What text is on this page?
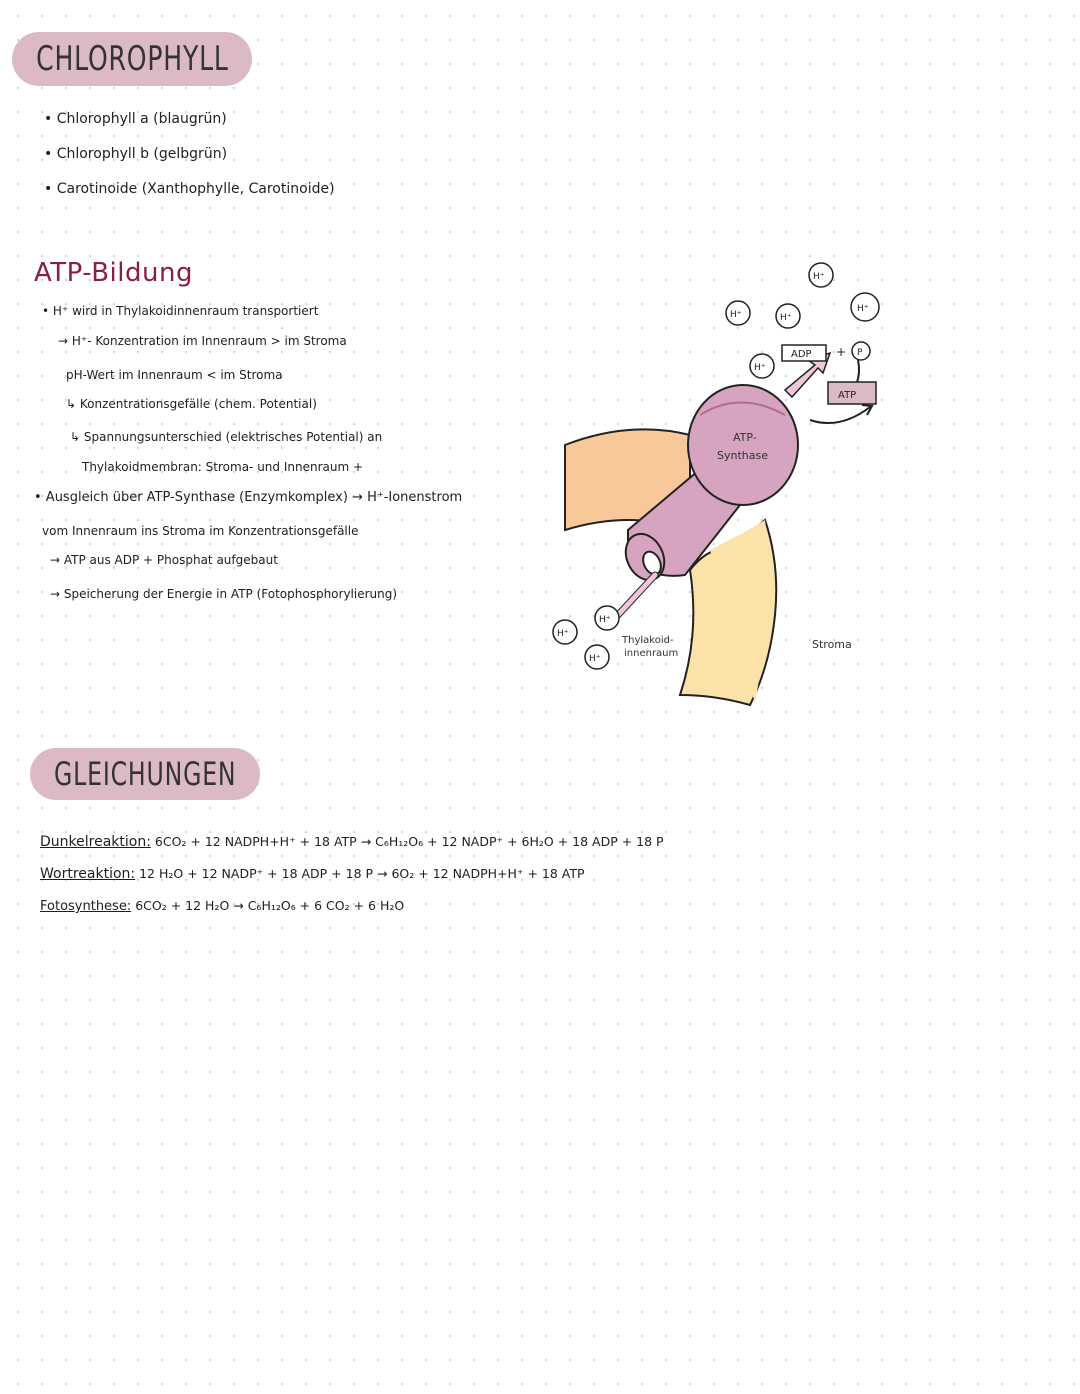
CHLOROPHYLL
• Chlorophyll a (blaugrün)
• Chlorophyll b (gelbgrün)
• Carotinoide (Xanthophylle, Carotinoide)
ATP-Bildung
• H⁺ wird in Thylakoidinnenraum transportiert
→ H⁺- Konzentration im Innenraum > im Stroma
pH-Wert im Innenraum < im Stroma
↳ Konzentrationsgefälle (chem. Potential)
↳ Spannungsunterschied (elektrisches Potential) an
Thylakoidmembran: Stroma- und Innenraum +
• Ausgleich über ATP-Synthase (Enzymkomplex) → H⁺-Ionenstrom
vom Innenraum ins Stroma im Konzentrationsgefälle
→ ATP aus ADP + Phosphat aufgebaut
→ Speicherung der Energie in ATP (Fotophosphorylierung)
ATP-
Synthase
ADP + P
ATP
H⁺	H⁺
H⁺
H⁺
H⁺
H⁺
H⁺
H⁺
Thylakoid-
innenraum
Stroma
GLEICHUNGEN
Dunkelreaktion: 6CO₂ + 12 NADPH+H⁺ + 18 ATP → C₆H₁₂O₆ + 12 NADP⁺ + 6H₂O + 18 ADP + 18 P
Wortreaktion: 12 H₂O + 12 NADP⁺ + 18 ADP + 18 P → 6O₂ + 12 NADPH+H⁺ + 18 ATP
Fotosynthese: 6CO₂ + 12 H₂O → C₆H₁₂O₆ + 6 CO₂ + 6 H₂O
